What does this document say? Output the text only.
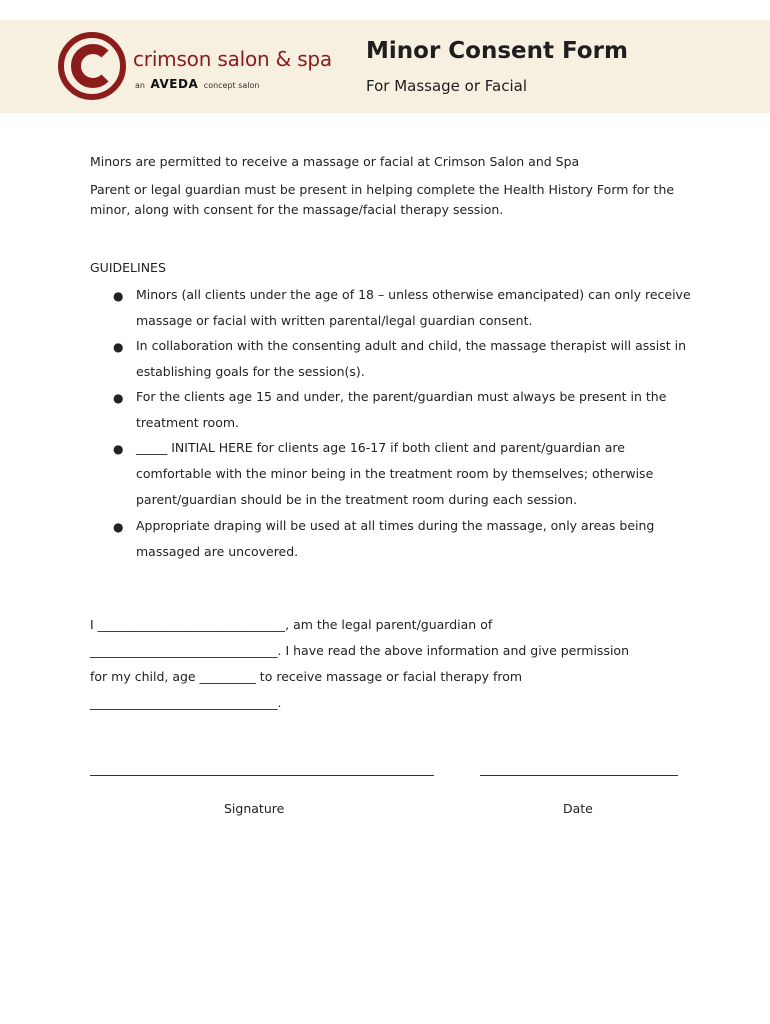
crimson salon & spa
an AVEDA concept salon
Minor Consent Form
For Massage or Facial
Minors are permitted to receive a massage or facial at Crimson Salon and Spa
Parent or legal guardian must be present in helping complete the Health History Form for the
minor, along with consent for the massage/facial therapy session.
GUIDELINES
● Minors (all clients under the age of 18 – unless otherwise emancipated) can only receive massage or facial with written parental/legal guardian consent.
● In collaboration with the consenting adult and child, the massage therapist will assist in establishing goals for the session(s).
● For the clients age 15 and under, the parent/guardian must always be present in the treatment room.
● _____ INITIAL HERE for clients age 16-17 if both client and parent/guardian are comfortable with the minor being in the treatment room by themselves; otherwise parent/guardian should be in the treatment room during each session.
● Appropriate draping will be used at all times during the massage, only areas being massaged are uncovered.
I ______________________________, am the legal parent/guardian of
______________________________. I have read the above information and give permission
for my child, age _________ to receive massage or facial therapy from
______________________________.
Signature	Date
